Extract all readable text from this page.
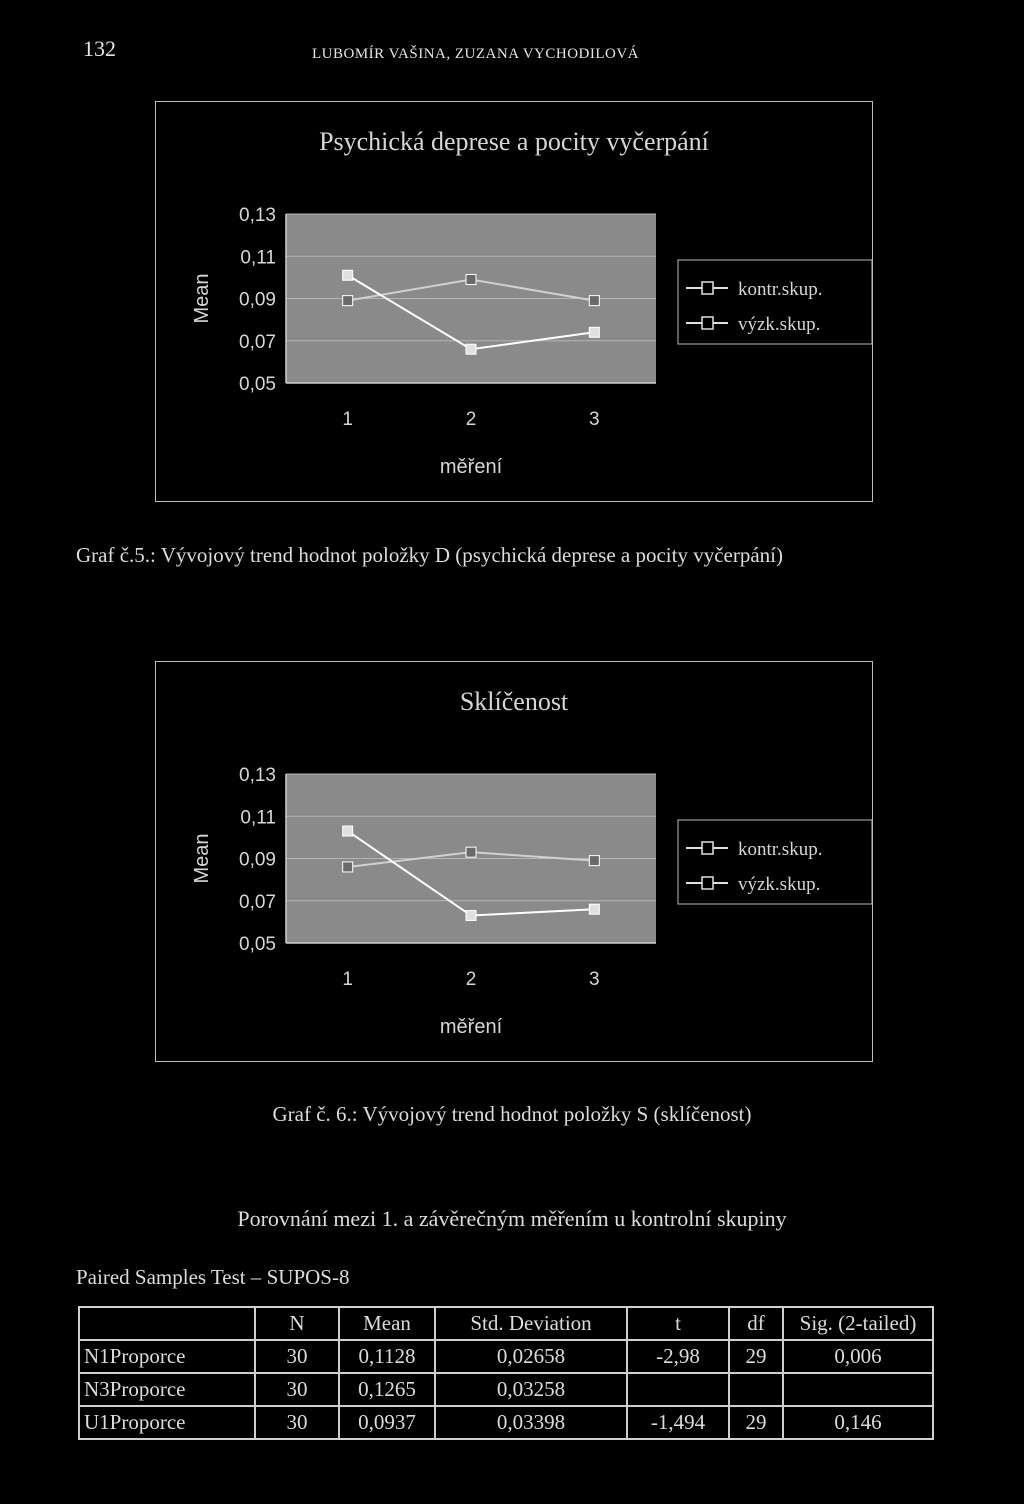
132	LUBOMÍR VAŠINA, ZUZANA VYCHODILOVÁ
Psychická deprese a pocity vyčerpání
0,13
0,11
0,09
0,07
0,05
1	2	3
měření
Mean	kontr.skup.
výzk.skup.
Graf č.5.: Vývojový trend hodnot položky D (psychická deprese a pocity vyčerpání)
Sklíčenost
0,13
0,11
0,09
0,07
0,05
1	2	3
měření
Mean	kontr.skup.
výzk.skup.
Graf č. 6.: Vývojový trend hodnot položky S (sklíčenost)
Porovnání mezi 1. a závěrečným měřením u kontrolní skupiny
Paired Samples Test – SUPOS-8
	N	Mean	Std. Deviation	t	df	Sig. (2-tailed)
N1Proporce	30	0,1128	0,02658	-2,98	29	0,006
N3Proporce	30	0,1265	0,03258			
U1Proporce	30	0,0937	0,03398	-1,494	29	0,146
